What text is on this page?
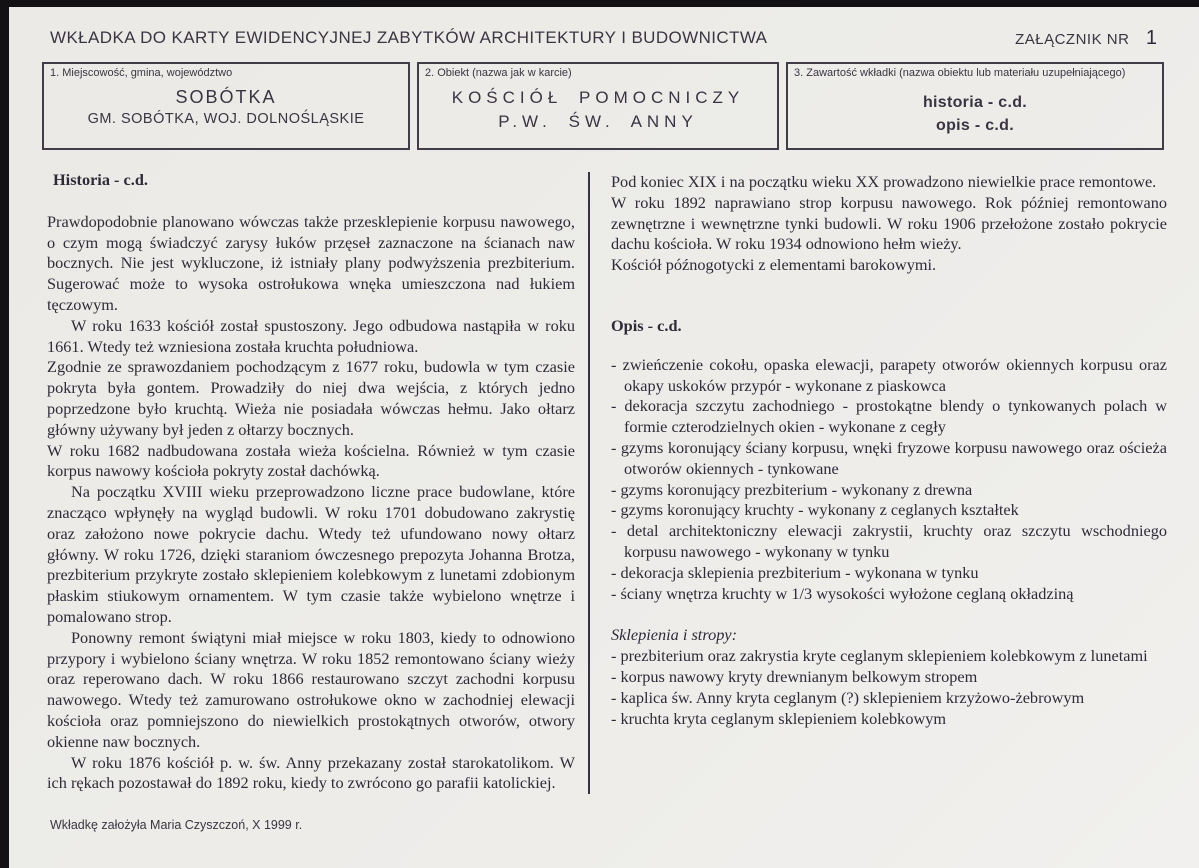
WKŁADKA DO KARTY EWIDENCYJNEJ ZABYTKÓW ARCHITEKTURY I BUDOWNICTWA	ZAŁĄCZNIK NR 1
1. Miejscowość, gmina, województwo
SOBÓTKA
GM. SOBÓTKA, WOJ. DOLNOŚLĄSKIE
2. Obiekt (nazwa jak w karcie)
KOŚCIÓŁ POMOCNICZY
P.W. ŚW. ANNY
3. Zawartość wkładki (nazwa obiektu lub materiału uzupełniającego)
historia - c.d.
opis - c.d.
Historia - c.d.

Prawdopodobnie planowano wówczas także przesklepienie korpusu nawowego, o czym mogą świadczyć zarysy łuków przęseł zaznaczone na ścianach naw bocznych. Nie jest wykluczone, iż istniały plany podwyższenia prezbiterium. Sugerować może to wysoka ostrołukowa wnęka umieszczona nad łukiem tęczowym.

W roku 1633 kościół został spustoszony. Jego odbudowa nastąpiła w roku 1661. Wtedy też wzniesiona została kruchta południowa.

Zgodnie ze sprawozdaniem pochodzącym z 1677 roku, budowla w tym czasie pokryta była gontem. Prowadziły do niej dwa wejścia, z których jedno poprzedzone było kruchtą. Wieża nie posiadała wówczas hełmu. Jako ołtarz główny używany był jeden z ołtarzy bocznych.

W roku 1682 nadbudowana została wieża kościelna. Również w tym czasie korpus nawowy kościoła pokryty został dachówką.

Na początku XVIII wieku przeprowadzono liczne prace budowlane, które znacząco wpłynęły na wygląd budowli. W roku 1701 dobudowano zakrystię oraz założono nowe pokrycie dachu. Wtedy też ufundowano nowy ołtarz główny. W roku 1726, dzięki staraniom ówczesnego prepozyta Johanna Brotza, prezbiterium przykryte zostało sklepieniem kolebkowym z lunetami zdobionym płaskim stiukowym ornamentem. W tym czasie także wybielono wnętrze i pomalowano strop.

Ponowny remont świątyni miał miejsce w roku 1803, kiedy to odnowiono przypory i wybielono ściany wnętrza. W roku 1852 remontowano ściany wieży oraz reperowano dach. W roku 1866 restaurowano szczyt zachodni korpusu nawowego. Wtedy też zamurowano ostrołukowe okno w zachodniej elewacji kościoła oraz pomniejszono do niewielkich prostokątnych otworów, otwory okienne naw bocznych.

W roku 1876 kościół p. w. św. Anny przekazany został starokatolikom. W ich rękach pozostawał do 1892 roku, kiedy to zwrócono go parafii katolickiej.

Pod koniec XIX i na początku wieku XX prowadzono niewielkie prace remontowe.

W roku 1892 naprawiano strop korpusu nawowego. Rok później remontowano zewnętrzne i wewnętrzne tynki budowli. W roku 1906 przełożone zostało pokrycie dachu kościoła. W roku 1934 odnowiono hełm wieży.

Kościół późnogotycki z elementami barokowymi.

Opis - c.d.

- zwieńczenie cokołu, opaska elewacji, parapety otworów okiennych korpusu oraz okapy uskoków przypór - wykonane z piaskowca

- dekoracja szczytu zachodniego - prostokątne blendy o tynkowanych polach w formie czterodzielnych okien - wykonane z cegły

- gzyms koronujący ściany korpusu, wnęki fryzowe korpusu nawowego oraz ościeża otworów okiennych - tynkowane

- gzyms koronujący prezbiterium - wykonany z drewna

- gzyms koronujący kruchty - wykonany z ceglanych kształtek

- detal architektoniczny elewacji zakrystii, kruchty oraz szczytu wschodniego korpusu nawowego - wykonany w tynku

- dekoracja sklepienia prezbiterium - wykonana w tynku

- ściany wnętrza kruchty w 1/3 wysokości wyłożone ceglaną okładziną

Sklepienia i stropy:

- prezbiterium oraz zakrystia kryte ceglanym sklepieniem kolebkowym z lunetami

- korpus nawowy kryty drewnianym belkowym stropem

- kaplica św. Anny kryta ceglanym (?) sklepieniem krzyżowo-żebrowym

- kruchta kryta ceglanym sklepieniem kolebkowym

Wkładkę założyła Maria Czyszczoń, X 1999 r.
